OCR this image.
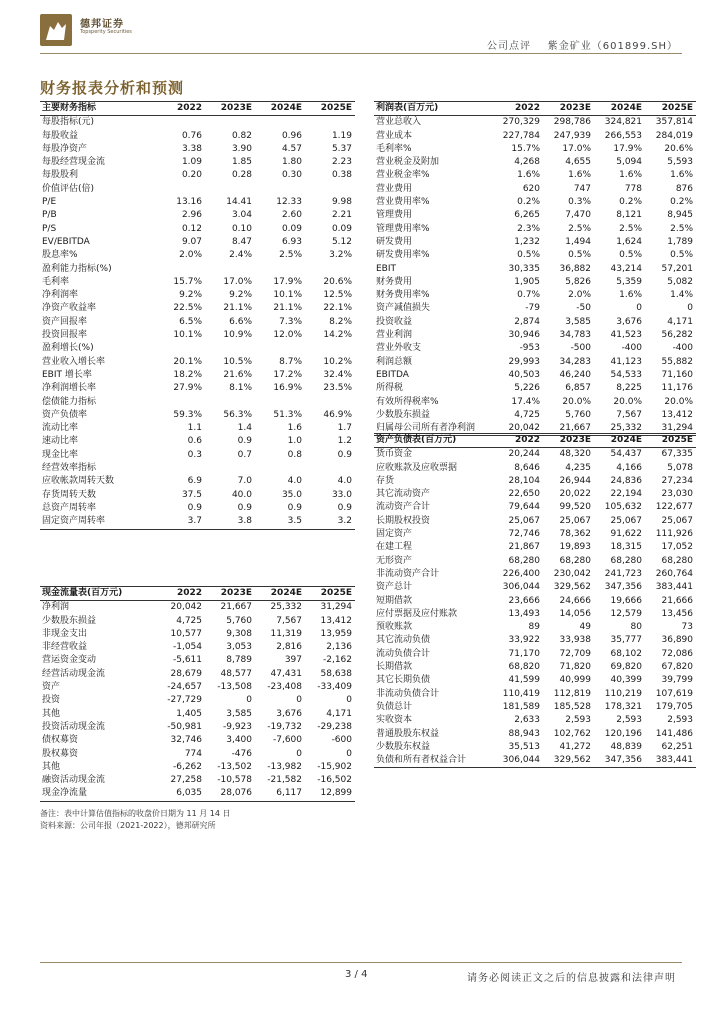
德邦证券
Topsperity Securities
公司点评 紫金矿业（601899.SH）
财务报表分析和预测
主要财务指标	2022	2023E	2024E	2025E
每股指标(元)				
每股收益	0.76	0.82	0.96	1.19
每股净资产	3.38	3.90	4.57	5.37
每股经营现金流	1.09	1.85	1.80	2.23
每股股利	0.20	0.28	0.30	0.38
价值评估(倍)				
P/E	13.16	14.41	12.33	9.98
P/B	2.96	3.04	2.60	2.21
P/S	0.12	0.10	0.09	0.09
EV/EBITDA	9.07	8.47	6.93	5.12
股息率%	2.0%	2.4%	2.5%	3.2%
盈利能力指标(%)				
毛利率	15.7%	17.0%	17.9%	20.6%
净利润率	9.2%	9.2%	10.1%	12.5%
净资产收益率	22.5%	21.1%	21.1%	22.1%
资产回报率	6.5%	6.6%	7.3%	8.2%
投资回报率	10.1%	10.9%	12.0%	14.2%
盈利增长(%)				
营业收入增长率	20.1%	10.5%	8.7%	10.2%
EBIT 增长率	18.2%	21.6%	17.2%	32.4%
净利润增长率	27.9%	8.1%	16.9%	23.5%
偿债能力指标				
资产负债率	59.3%	56.3%	51.3%	46.9%
流动比率	1.1	1.4	1.6	1.7
速动比率	0.6	0.9	1.0	1.2
现金比率	0.3	0.7	0.8	0.9
经营效率指标				
应收帐款周转天数	6.9	7.0	4.0	4.0
存货周转天数	37.5	40.0	35.0	33.0
总资产周转率	0.9	0.9	0.9	0.9
固定资产周转率	3.7	3.8	3.5	3.2
现金流量表(百万元)	2022	2023E	2024E	2025E
净利润	20,042	21,667	25,332	31,294
少数股东损益	4,725	5,760	7,567	13,412
非现金支出	10,577	9,308	11,319	13,959
非经营收益	-1,054	3,053	2,816	2,136
营运资金变动	-5,611	8,789	397	-2,162
经营活动现金流	28,679	48,577	47,431	58,638
资产	-24,657	-13,508	-23,408	-33,409
投资	-27,729	0	0	0
其他	1,405	3,585	3,676	4,171
投资活动现金流	-50,981	-9,923	-19,732	-29,238
债权募资	32,746	3,400	-7,600	-600
股权募资	774	-476	0	0
其他	-6,262	-13,502	-13,982	-15,902
融资活动现金流	27,258	-10,578	-21,582	-16,502
现金净流量	6,035	28,076	6,117	12,899
利润表(百万元)	2022	2023E	2024E	2025E
营业总收入	270,329	298,786	324,821	357,814
营业成本	227,784	247,939	266,553	284,019
毛利率%	15.7%	17.0%	17.9%	20.6%
营业税金及附加	4,268	4,655	5,094	5,593
营业税金率%	1.6%	1.6%	1.6%	1.6%
营业费用	620	747	778	876
营业费用率%	0.2%	0.3%	0.2%	0.2%
管理费用	6,265	7,470	8,121	8,945
管理费用率%	2.3%	2.5%	2.5%	2.5%
研发费用	1,232	1,494	1,624	1,789
研发费用率%	0.5%	0.5%	0.5%	0.5%
EBIT	30,335	36,882	43,214	57,201
财务费用	1,905	5,826	5,359	5,082
财务费用率%	0.7%	2.0%	1.6%	1.4%
资产减值损失	-79	-50	0	0
投资收益	2,874	3,585	3,676	4,171
营业利润	30,946	34,783	41,523	56,282
营业外收支	-953	-500	-400	-400
利润总额	29,993	34,283	41,123	55,882
EBITDA	40,503	46,240	54,533	71,160
所得税	5,226	6,857	8,225	11,176
有效所得税率%	17.4%	20.0%	20.0%	20.0%
少数股东损益	4,725	5,760	7,567	13,412
归属母公司所有者净利润	20,042	21,667	25,332	31,294
资产负债表(百万元)	2022	2023E	2024E	2025E
货币资金	20,244	48,320	54,437	67,335
应收账款及应收票据	8,646	4,235	4,166	5,078
存货	28,104	26,944	24,836	27,234
其它流动资产	22,650	20,022	22,194	23,030
流动资产合计	79,644	99,520	105,632	122,677
长期股权投资	25,067	25,067	25,067	25,067
固定资产	72,746	78,362	91,622	111,926
在建工程	21,867	19,893	18,315	17,052
无形资产	68,280	68,280	68,280	68,280
非流动资产合计	226,400	230,042	241,723	260,764
资产总计	306,044	329,562	347,356	383,441
短期借款	23,666	24,666	19,666	21,666
应付票据及应付账款	13,493	14,056	12,579	13,456
预收账款	89	49	80	73
其它流动负债	33,922	33,938	35,777	36,890
流动负债合计	71,170	72,709	68,102	72,086
长期借款	68,820	71,820	69,820	67,820
其它长期负债	41,599	40,999	40,399	39,799
非流动负债合计	110,419	112,819	110,219	107,619
负债总计	181,589	185,528	178,321	179,705
实收资本	2,633	2,593	2,593	2,593
普通股股东权益	88,943	102,762	120,196	141,486
少数股东权益	35,513	41,272	48,839	62,251
负债和所有者权益合计	306,044	329,562	347,356	383,441
备注：表中计算估值指标的收盘价日期为 11 月 14 日
资料来源：公司年报（2021-2022），德邦研究所
3 / 4	请务必阅读正文之后的信息披露和法律声明
